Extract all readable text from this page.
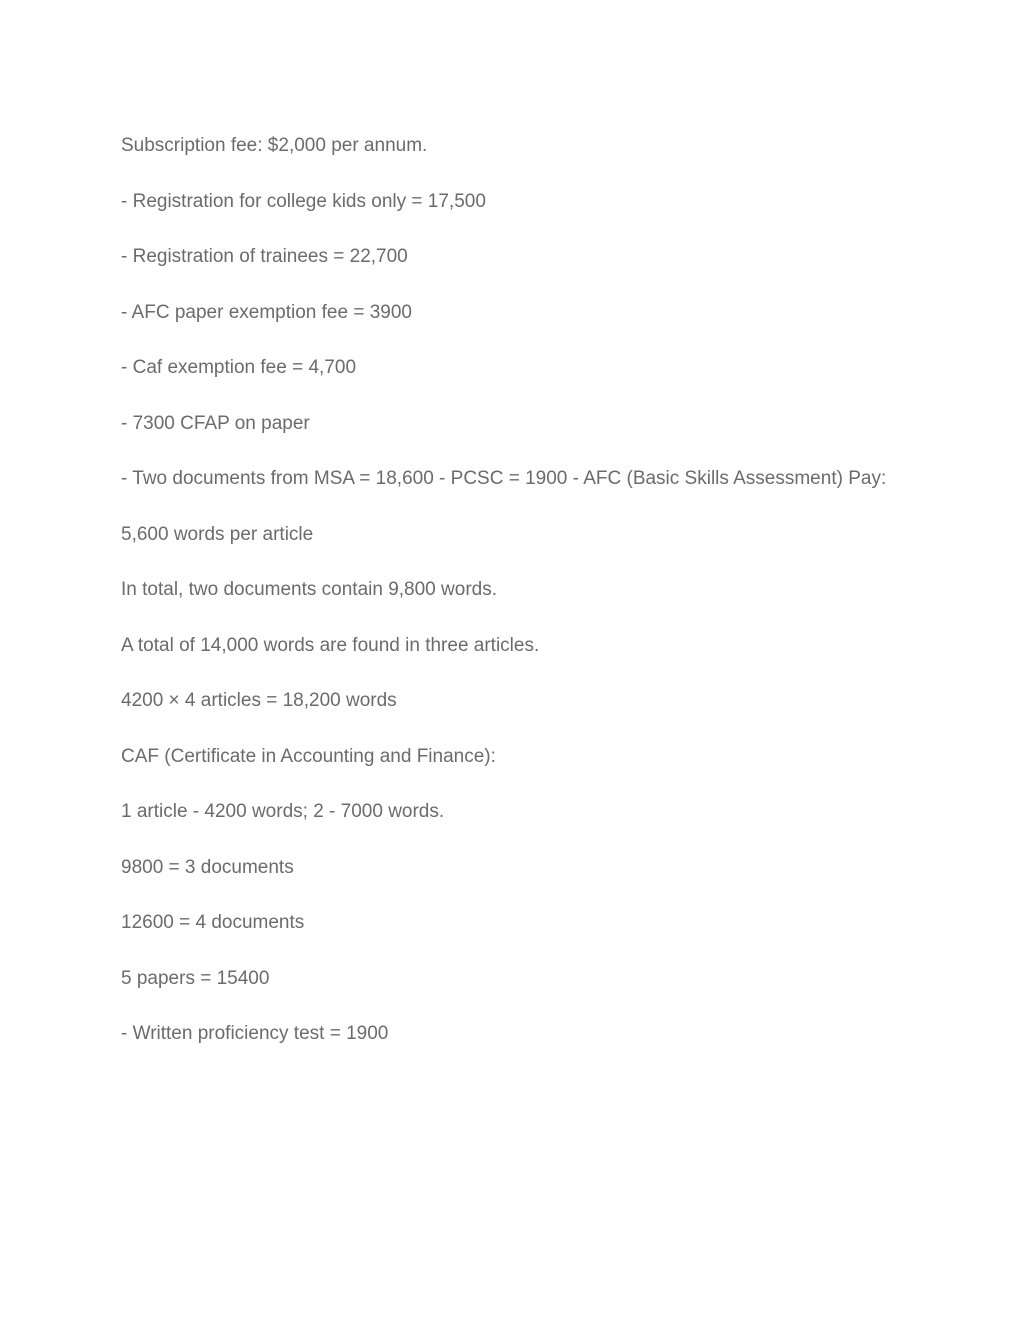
Subscription fee: $2,000 per annum.

- Registration for college kids only = 17,500

- Registration of trainees = 22,700

- AFC paper exemption fee = 3900

- Caf exemption fee = 4,700

- 7300 CFAP on paper

- Two documents from MSA = 18,600 - PCSC = 1900 - AFC (Basic Skills Assessment) Pay:

5,600 words per article

In total, two documents contain 9,800 words.

A total of 14,000 words are found in three articles.

4200 × 4 articles = 18,200 words

CAF (Certificate in Accounting and Finance):

1 article - 4200 words; 2 - 7000 words.

9800 = 3 documents

12600 = 4 documents

5 papers = 15400

- Written proficiency test = 1900
